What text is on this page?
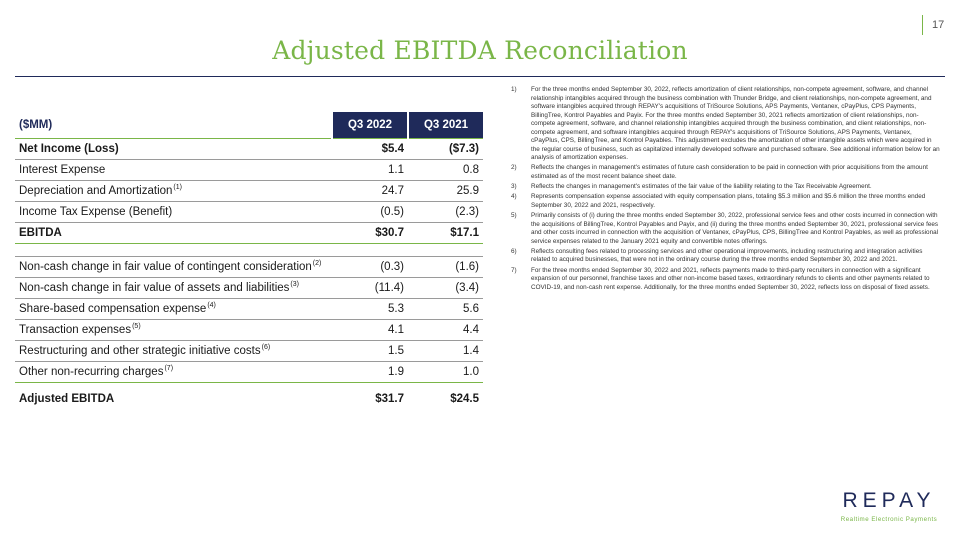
17
Adjusted EBITDA Reconciliation
($MM)	Q3 2022	Q3 2021
Net Income (Loss)	$5.4	($7.3)
Interest Expense	1.1	0.8
Depreciation and Amortization$^{(1)}$	24.7	25.9
Income Tax Expense (Benefit)	(0.5)	(2.3)
EBITDA	$30.7	$17.1

Non-cash change in fair value of contingent consideration$^{(2)}$	(0.3)	(1.6)
Non-cash change in fair value of assets and liabilities$^{(3)}$	(11.4)	(3.4)
Share-based compensation expense$^{(4)}$	5.3	5.6
Transaction expenses$^{(5)}$	4.1	4.4
Restructuring and other strategic initiative costs$^{(6)}$	1.5	1.4
Other non-recurring charges$^{(7)}$	1.9	1.0

Adjusted EBITDA	$31.7	$24.5
1) For the three months ended September 30, 2022, reflects amortization of client relationships, non-compete agreement, software, and channel relationship intangibles acquired through the business combination with Thunder Bridge, and client relationships, non-compete agreement, and software intangibles acquired through REPAY's acquisitions of TriSource Solutions, APS Payments, Ventanex, cPayPlus, CPS Payments, BillingTree, Kontrol Payables and Payix. For the three months ended September 30, 2021 reflects amortization of client relationships, non-compete agreement, software, and channel relationship intangibles acquired through the business combination, and client relationships, non-compete agreement, and software intangibles acquired through REPAY's acquisitions of TriSource Solutions, APS Payments, Ventanex, cPayPlus, CPS, BillingTree, and Kontrol Payables. This adjustment excludes the amortization of other intangible assets which were acquired in the regular course of business, such as capitalized internally developed software and purchased software. See additional information below for an analysis of amortization expenses.
2) Reflects the changes in management's estimates of future cash consideration to be paid in connection with prior acquisitions from the amount estimated as of the most recent balance sheet date.
3) Reflects the changes in management's estimates of the fair value of the liability relating to the Tax Receivable Agreement.
4) Represents compensation expense associated with equity compensation plans, totaling $5.3 million and $5.6 million the three months ended September 30, 2022 and 2021, respectively.
5) Primarily consists of (i) during the three months ended September 30, 2022, professional service fees and other costs incurred in connection with the acquisitions of BillingTree, Kontrol Payables and Payix, and (ii) during the three months ended September 30, 2021, professional service fees and other costs incurred in connection with the acquisition of Ventanex, cPayPlus, CPS, BillingTree and Kontrol Payables, as well as professional service expenses related to the January 2021 equity and convertible notes offerings.
6) Reflects consulting fees related to processing services and other operational improvements, including restructuring and integration activities related to acquired businesses, that were not in the ordinary course during the three months ended September 30, 2022 and 2021.
7) For the three months ended September 30, 2022 and 2021, reflects payments made to third-party recruiters in connection with a significant expansion of our personnel, franchise taxes and other non-income based taxes, extraordinary refunds to clients and other payments related to COVID-19, and non-cash rent expense. Additionally, for the three months ended September 30, 2022, reflects loss on disposal of fixed assets.
REPAY
Realtime Electronic Payments
